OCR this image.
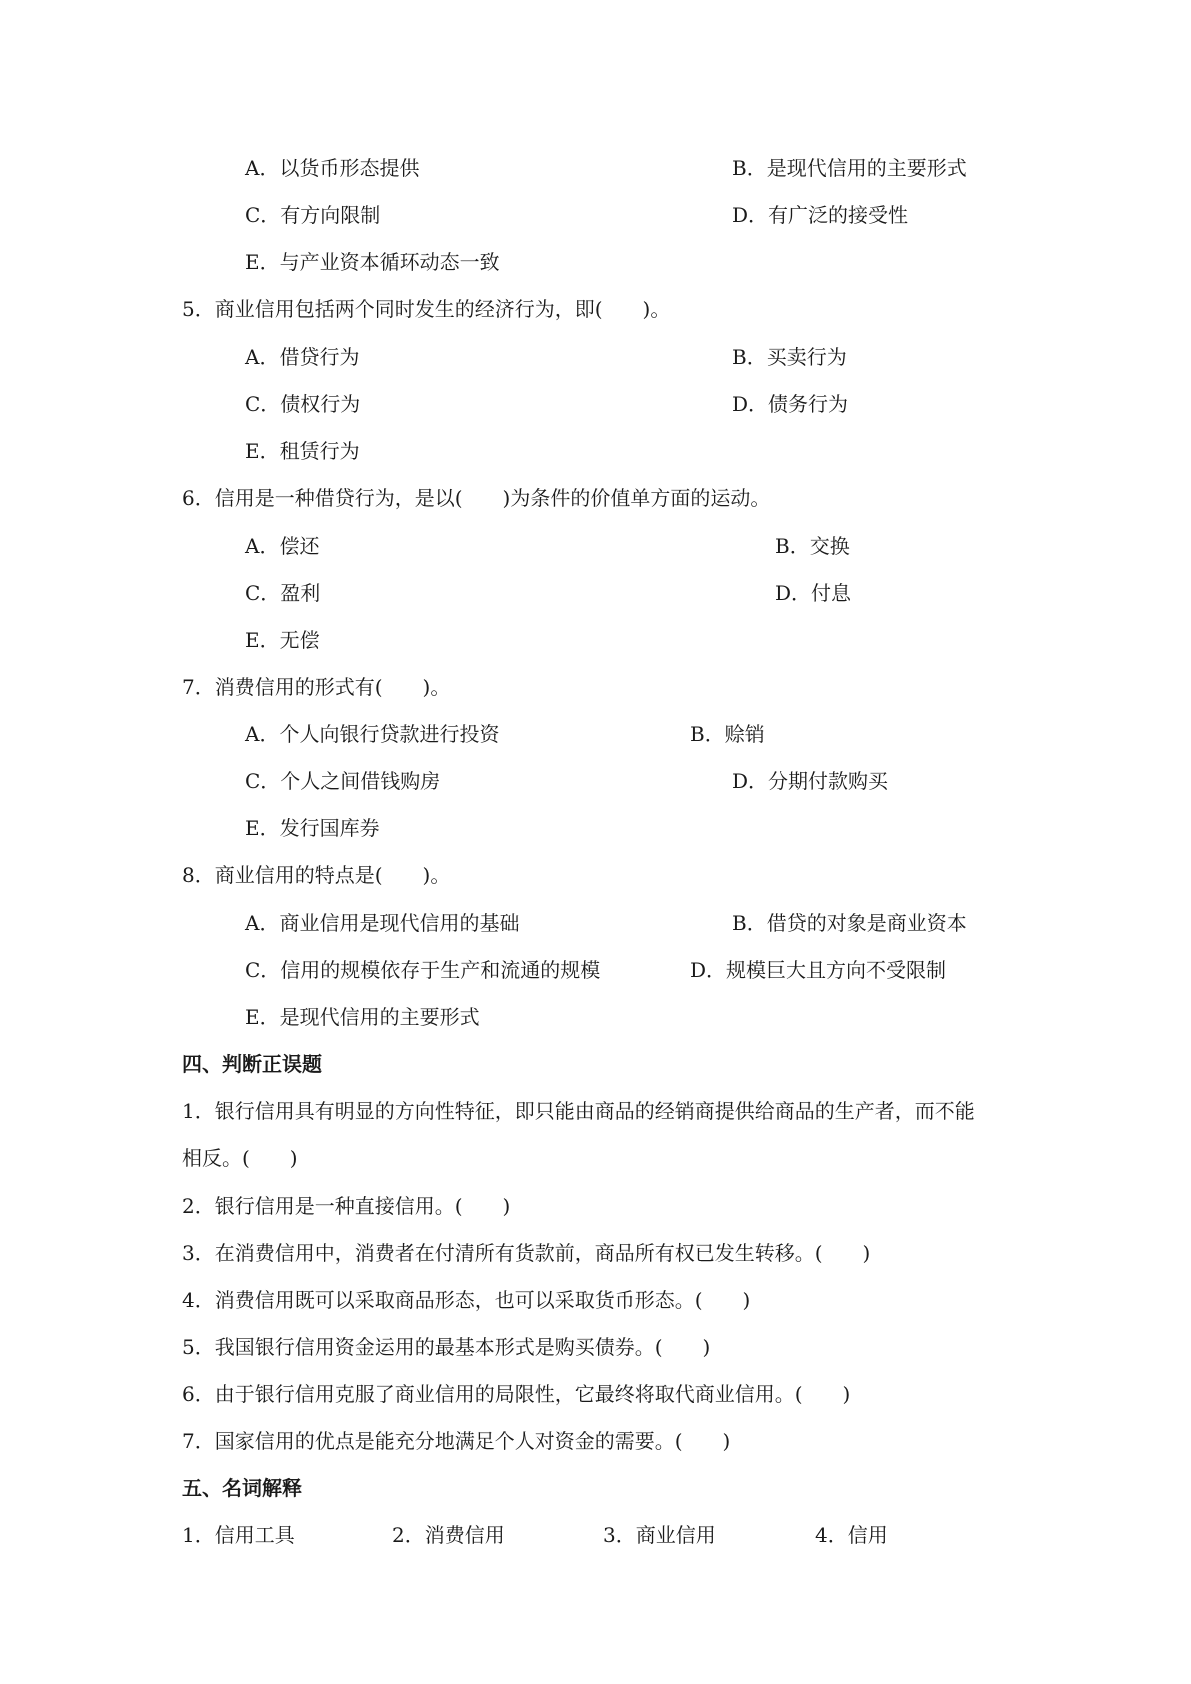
A．以货币形态提供	B．是现代信用的主要形式
C．有方向限制	D．有广泛的接受性
E．与产业资本循环动态一致
5．商业信用包括两个同时发生的经济行为，即(　　)。
A．借贷行为	B．买卖行为
C．债权行为	D．债务行为
E．租赁行为
6．信用是一种借贷行为，是以(　　)为条件的价值单方面的运动。
A．偿还	B．交换
C．盈利	D．付息
E．无偿
7．消费信用的形式有(　　)。
A．个人向银行贷款进行投资	B．赊销
C．个人之间借钱购房	D．分期付款购买
E．发行国库券
8．商业信用的特点是(　　)。
A．商业信用是现代信用的基础	B．借贷的对象是商业资本
C．信用的规模依存于生产和流通的规模	D．规模巨大且方向不受限制
E．是现代信用的主要形式
四、判断正误题
1．银行信用具有明显的方向性特征，即只能由商品的经销商提供给商品的生产者，而不能
相反。(　　)
2．银行信用是一种直接信用。(　　)
3．在消费信用中，消费者在付清所有货款前，商品所有权已发生转移。(　　)
4．消费信用既可以采取商品形态，也可以采取货币形态。(　　)
5．我国银行信用资金运用的最基本形式是购买债券。(　　)
6．由于银行信用克服了商业信用的局限性，它最终将取代商业信用。(　　)
7．国家信用的优点是能充分地满足个人对资金的需要。(　　)
五、名词解释
1．信用工具	2．消费信用	3．商业信用	4．信用
